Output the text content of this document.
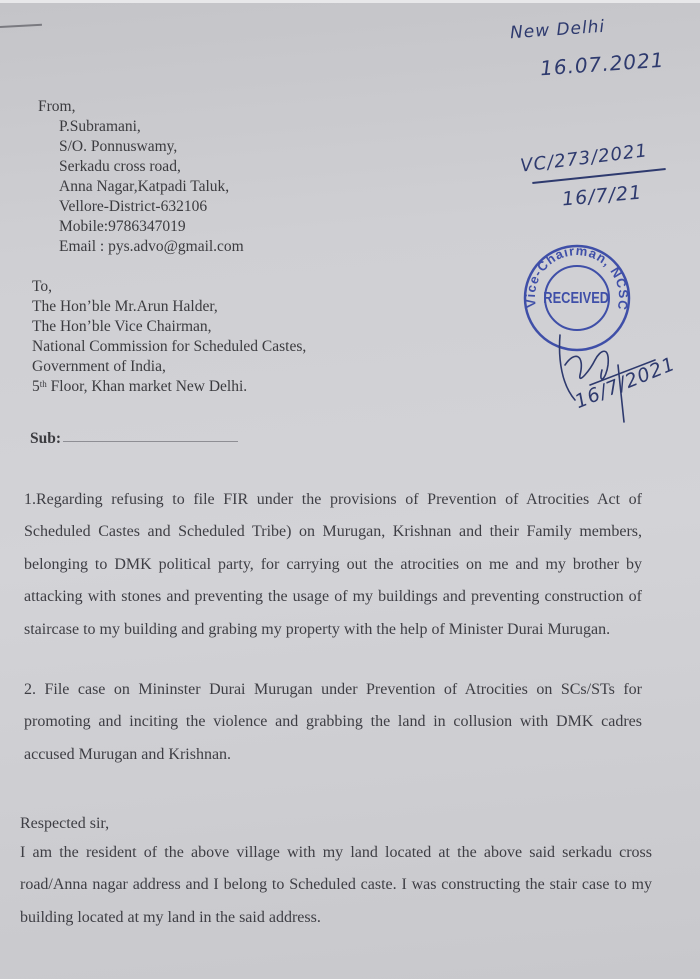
New Delhi
16.07.2021
VC/273/2021
16/7/21
Vice-Chairman, NCSC
RECEIVED
16/7/2021
From,
P.Subramani,
S/O. Ponnuswamy,
Serkadu cross road,
Anna Nagar,Katpadi Taluk,
Vellore-District-632106
Mobile:9786347019
Email : pys.advo@gmail.com
To,
The Hon’ble Mr.Arun Halder,
The Hon’ble Vice Chairman,
National Commission for Scheduled Castes,
Government of India,
5th Floor, Khan market New Delhi.
Sub:
1.Regarding refusing to file FIR under the provisions of Prevention of Atrocities Act of Scheduled Castes and Scheduled Tribe) on Murugan, Krishnan and their Family members, belonging to DMK political party, for carrying out the atrocities on me and my brother by attacking with stones and preventing the usage of my buildings and preventing construction of staircase to my building and grabing my property with the help of Minister Durai Murugan.
2. File case on Mininster Durai Murugan under Prevention of Atrocities on SCs/STs for promoting and inciting the violence and grabbing the land in collusion with DMK cadres accused Murugan and Krishnan.
Respected sir,
I am the resident of the above village with my land located at the above said serkadu cross road/Anna nagar address and I belong to Scheduled caste. I was constructing the stair case to my building located at my land in the said address.
